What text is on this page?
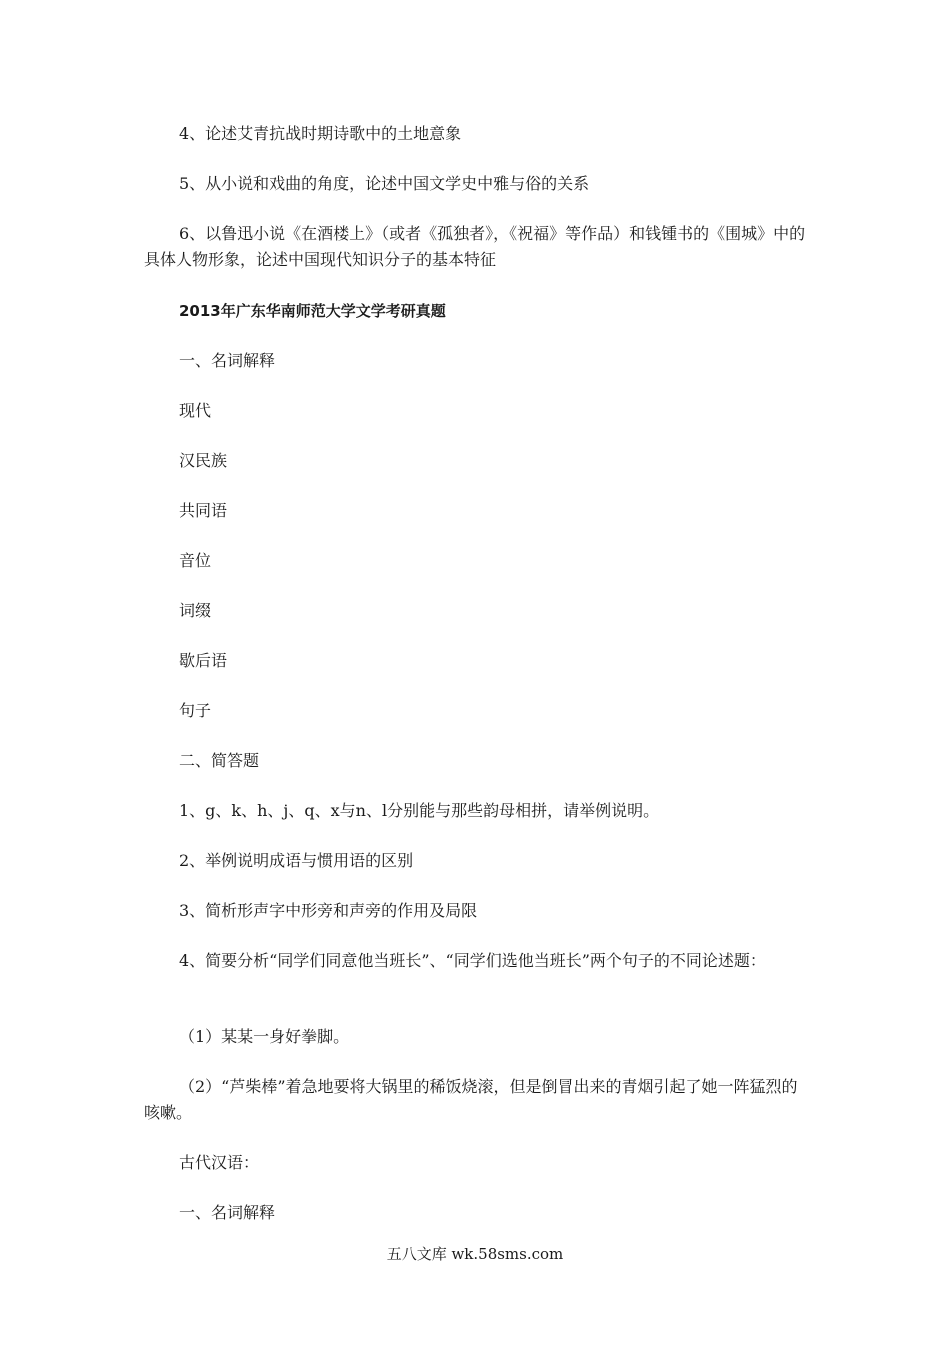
4、论述艾青抗战时期诗歌中的土地意象

5、从小说和戏曲的角度，论述中国文学史中雅与俗的关系

6、以鲁迅小说《在酒楼上》（或者《孤独者》，《祝福》等作品）和钱锺书的《围城》中的具体人物形象，论述中国现代知识分子的基本特征

2013年广东华南师范大学文学考研真题

一、名词解释

现代

汉民族

共同语

音位

词缀

歇后语

句子

二、简答题

1、g、k、h、j、q、x与n、l分别能与那些韵母相拼，请举例说明。

2、举例说明成语与惯用语的区别

3、简析形声字中形旁和声旁的作用及局限

4、简要分析“同学们同意他当班长”、“同学们选他当班长”两个句子的不同论述题：

（1）某某一身好拳脚。

（2）“芦柴棒”着急地要将大锅里的稀饭烧滚，但是倒冒出来的青烟引起了她一阵猛烈的咳嗽。

古代汉语：

一、名词解释

五八文库 wk.58sms.com
